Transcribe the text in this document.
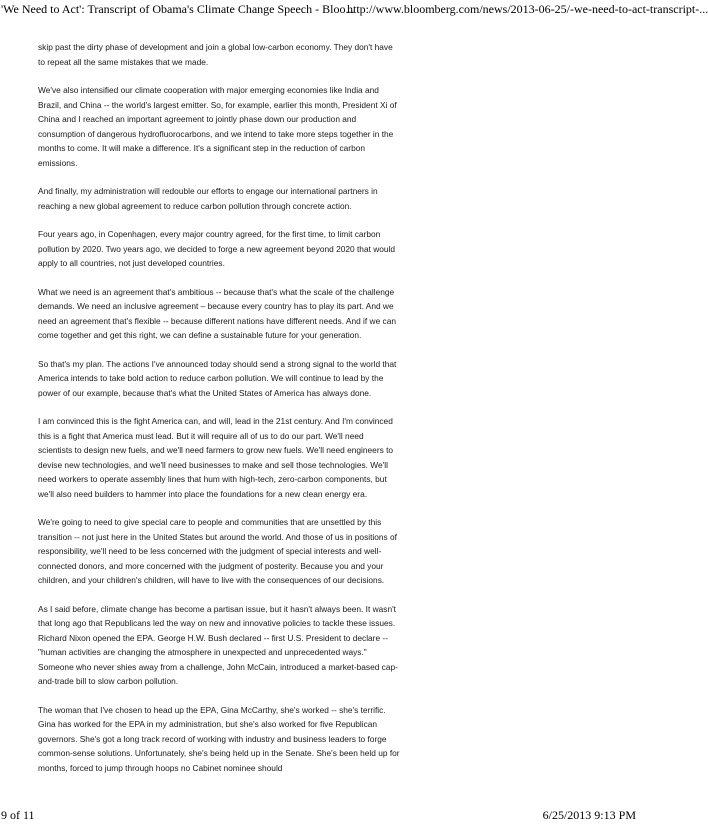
'We Need to Act': Transcript of Obama's Climate Change Speech - Bloo...
http://www.bloomberg.com/news/2013-06-25/-we-need-to-act-transcript-...

skip past the dirty phase of development and join a global low-carbon economy. They don't have to repeat all the same mistakes that we made.

We've also intensified our climate cooperation with major emerging economies like India and Brazil, and China -- the world's largest emitter. So, for example, earlier this month, President Xi of China and I reached an important agreement to jointly phase down our production and consumption of dangerous hydrofluorocarbons, and we intend to take more steps together in the months to come. It will make a difference. It's a significant step in the reduction of carbon emissions.

And finally, my administration will redouble our efforts to engage our international partners in reaching a new global agreement to reduce carbon pollution through concrete action.

Four years ago, in Copenhagen, every major country agreed, for the first time, to limit carbon pollution by 2020. Two years ago, we decided to forge a new agreement beyond 2020 that would apply to all countries, not just developed countries.

What we need is an agreement that's ambitious -- because that's what the scale of the challenge demands. We need an inclusive agreement – because every country has to play its part. And we need an agreement that's flexible -- because different nations have different needs. And if we can come together and get this right, we can define a sustainable future for your generation.

So that's my plan. The actions I've announced today should send a strong signal to the world that America intends to take bold action to reduce carbon pollution. We will continue to lead by the power of our example, because that's what the United States of America has always done.

I am convinced this is the fight America can, and will, lead in the 21st century. And I'm convinced this is a fight that America must lead. But it will require all of us to do our part. We'll need scientists to design new fuels, and we'll need farmers to grow new fuels. We'll need engineers to devise new technologies, and we'll need businesses to make and sell those technologies. We'll need workers to operate assembly lines that hum with high-tech, zero-carbon components, but we'll also need builders to hammer into place the foundations for a new clean energy era.

We're going to need to give special care to people and communities that are unsettled by this transition -- not just here in the United States but around the world. And those of us in positions of responsibility, we'll need to be less concerned with the judgment of special interests and well-connected donors, and more concerned with the judgment of posterity. Because you and your children, and your children's children, will have to live with the consequences of our decisions.

As I said before, climate change has become a partisan issue, but it hasn't always been. It wasn't that long ago that Republicans led the way on new and innovative policies to tackle these issues. Richard Nixon opened the EPA. George H.W. Bush declared -- first U.S. President to declare -- "human activities are changing the atmosphere in unexpected and unprecedented ways." Someone who never shies away from a challenge, John McCain, introduced a market-based cap-and-trade bill to slow carbon pollution.

The woman that I've chosen to head up the EPA, Gina McCarthy, she's worked -- she's terrific. Gina has worked for the EPA in my administration, but she's also worked for five Republican governors. She's got a long track record of working with industry and business leaders to forge common-sense solutions. Unfortunately, she's being held up in the Senate. She's been held up for months, forced to jump through hoops no Cabinet nominee should

9 of 11	6/25/2013 9:13 PM
